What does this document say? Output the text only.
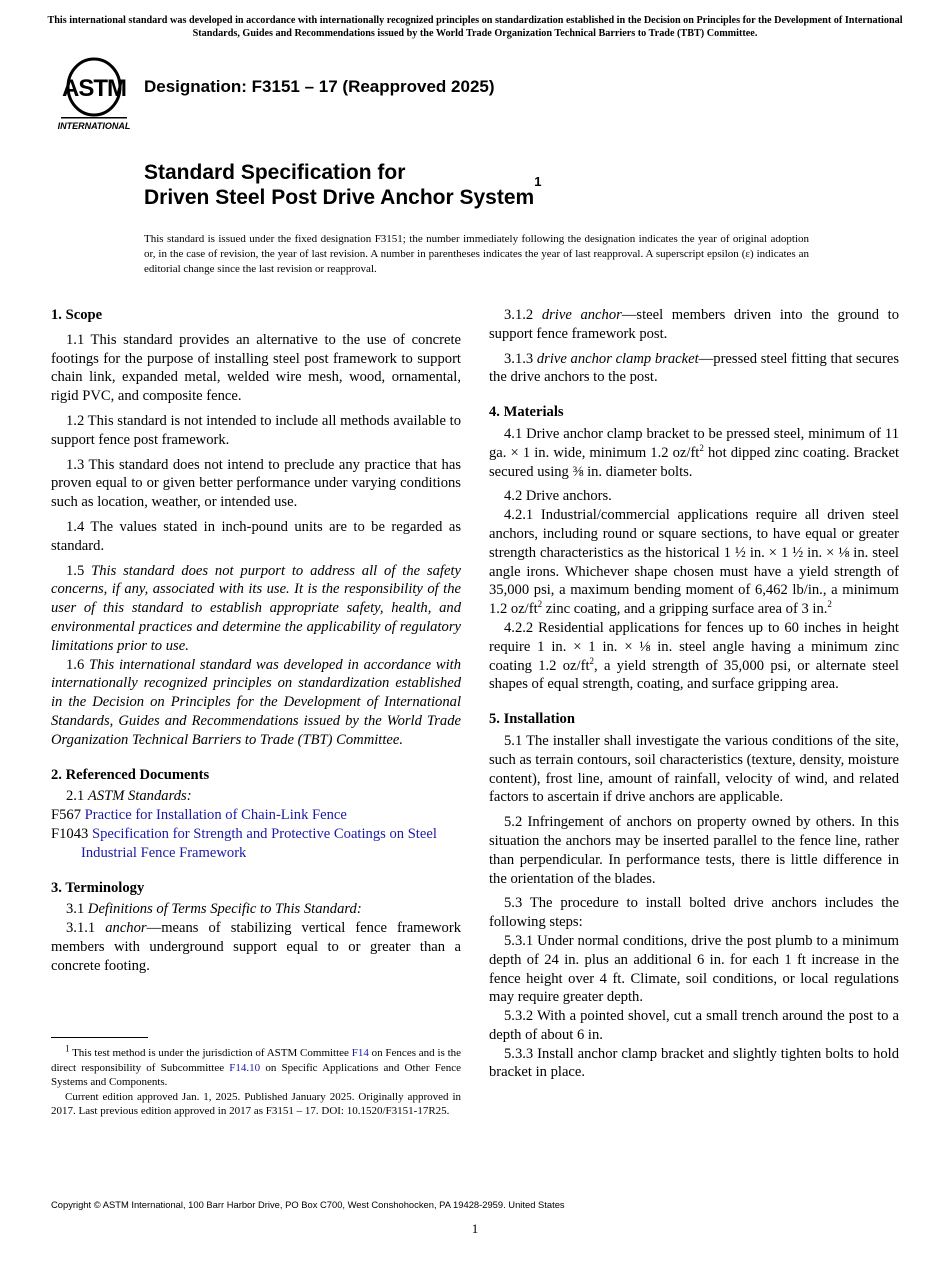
This international standard was developed in accordance with internationally recognized principles on standardization established in the Decision on Principles for the Development of International Standards, Guides and Recommendations issued by the World Trade Organization Technical Barriers to Trade (TBT) Committee.
ASTM
INTERNATIONAL
Designation: F3151 – 17 (Reapproved 2025)
Standard Specification for
Driven Steel Post Drive Anchor System$^1$
This standard is issued under the fixed designation F3151; the number immediately following the designation indicates the year of original adoption or, in the case of revision, the year of last revision. A number in parentheses indicates the year of last reapproval. A superscript epsilon (ε) indicates an editorial change since the last revision or reapproval.
1. Scope

1.1 This standard provides an alternative to the use of concrete footings for the purpose of installing steel post framework to support chain link, expanded metal, welded wire mesh, wood, ornamental, rigid PVC, and composite fence.

1.2 This standard is not intended to include all methods available to support fence post framework.

1.3 This standard does not intend to preclude any practice that has proven equal to or given better performance under varying conditions such as location, weather, or intended use.

1.4 The values stated in inch-pound units are to be regarded as standard.

1.5 This standard does not purport to address all of the safety concerns, if any, associated with its use. It is the responsibility of the user of this standard to establish appropriate safety, health, and environmental practices and determine the applicability of regulatory limitations prior to use.

1.6 This international standard was developed in accordance with internationally recognized principles on standardization established in the Decision on Principles for the Development of International Standards, Guides and Recommendations issued by the World Trade Organization Technical Barriers to Trade (TBT) Committee.

2. Referenced Documents

2.1 ASTM Standards:

F567 Practice for Installation of Chain-Link Fence

F1043 Specification for Strength and Protective Coatings on Steel Industrial Fence Framework

3. Terminology

3.1 Definitions of Terms Specific to This Standard:

3.1.1 anchor—means of stabilizing vertical fence framework members with underground support equal to or greater than a concrete footing.

3.1.2 drive anchor—steel members driven into the ground to support fence framework post.

3.1.3 drive anchor clamp bracket—pressed steel fitting that secures the drive anchors to the post.

4. Materials

4.1 Drive anchor clamp bracket to be pressed steel, minimum of 11 ga. × 1 in. wide, minimum 1.2 $oz/ft^2$ hot dipped zinc coating. Bracket secured using ⅜ in. diameter bolts.

4.2 Drive anchors.

4.2.1 Industrial/commercial applications require all driven steel anchors, including round or square sections, to have equal or greater strength characteristics as the historical 1 ½ in. × 1 ½ in. × ⅛ in. steel angle irons. Whichever shape chosen must have a yield strength of 35,000 psi, a maximum bending moment of 6,462 lb/in., a minimum 1.2 $oz/ft^2$ zinc coating, and a gripping surface area of 3 in.$^2$

4.2.2 Residential applications for fences up to 60 inches in height require 1 in. × 1 in. × ⅛ in. steel angle having a minimum zinc coating 1.2 $oz/ft^2$, a yield strength of 35,000 psi, or alternate steel shapes of equal strength, coating, and surface gripping area.

5. Installation

5.1 The installer shall investigate the various conditions of the site, such as terrain contours, soil characteristics (texture, density, moisture content), frost line, amount of rainfall, velocity of wind, and related factors to ascertain if drive anchors are applicable.

5.2 Infringement of anchors on property owned by others. In this situation the anchors may be inserted parallel to the fence line, rather than perpendicular. In performance tests, there is little difference in the orientation of the blades.

5.3 The procedure to install bolted drive anchors includes the following steps:

5.3.1 Under normal conditions, drive the post plumb to a minimum depth of 24 in. plus an additional 6 in. for each 1 ft increase in the fence height over 4 ft. Climate, soil conditions, or local regulations may require greater depth.

5.3.2 With a pointed shovel, cut a small trench around the post to a depth of about 6 in.

5.3.3 Install anchor clamp bracket and slightly tighten bolts to hold bracket in place.

$^1$ This test method is under the jurisdiction of ASTM Committee F14 on Fences and is the direct responsibility of Subcommittee F14.10 on Specific Applications and Other Fence Systems and Components.

Current edition approved Jan. 1, 2025. Published January 2025. Originally approved in 2017. Last previous edition approved in 2017 as F3151 – 17. DOI: 10.1520/F3151-17R25.

Copyright © ASTM International, 100 Barr Harbor Drive, PO Box C700, West Conshohocken, PA 19428-2959. United States
1
